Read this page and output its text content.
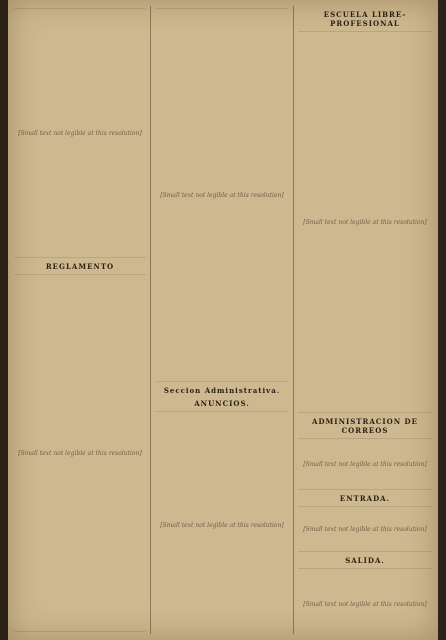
[Small text not legible at this resolution]
REGLAMENTO
[Small text not legible at this resolution]
[Small text not legible at this resolution]
Seccion Administrativa.
ANUNCIOS.
[Small text not legible at this resolution]
ESCUELA LIBRE-PROFESIONAL
[Small text not legible at this resolution]
ADMINISTRACION DE CORREOS
[Small text not legible at this resolution]
ENTRADA.
[Small text not legible at this resolution]
SALIDA.
[Small text not legible at this resolution]
